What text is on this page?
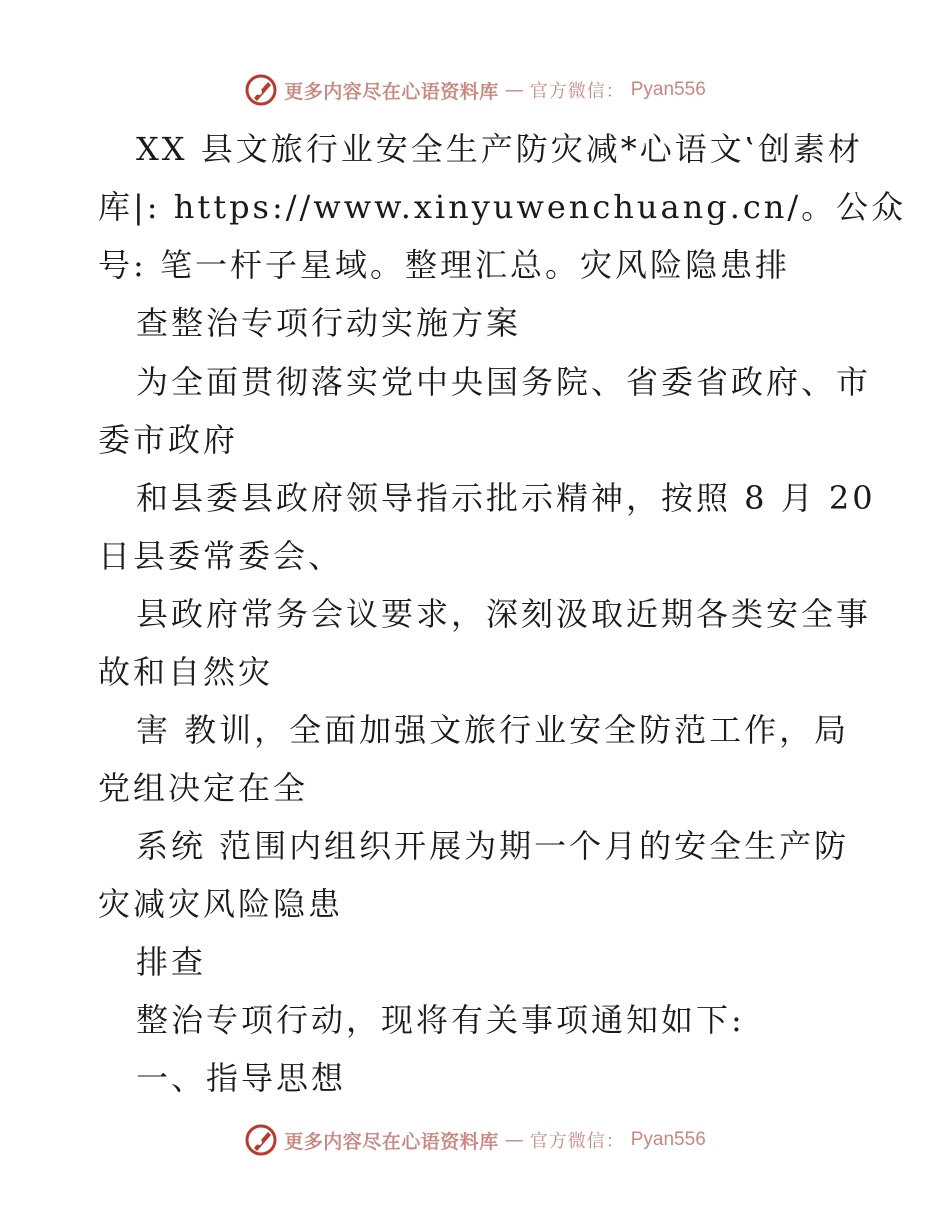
更多内容尽在心语资料库 — 官方微信： Pyan556
XX 县文旅行业安全生产防灾减*心语文‛创素材
库|: https://www.xinyuwenchuang.cn/。公众
号: 笔一杆子星域。整理汇总。灾风险隐患排
查整治专项行动实施方案
为全面贯彻落实党中央国务院、省委省政府、市
委市政府
和县委县政府领导指示批示精神，按照 8 月 20
日县委常委会、
县政府常务会议要求，深刻汲取近期各类安全事
故和自然灾
害 教训，全面加强文旅行业安全防范工作，局
党组决定在全
系统 范围内组织开展为期一个月的安全生产防
灾减灾风险隐患
排查
整治专项行动，现将有关事项通知如下:
一、指导思想
更多内容尽在心语资料库 — 官方微信： Pyan556
